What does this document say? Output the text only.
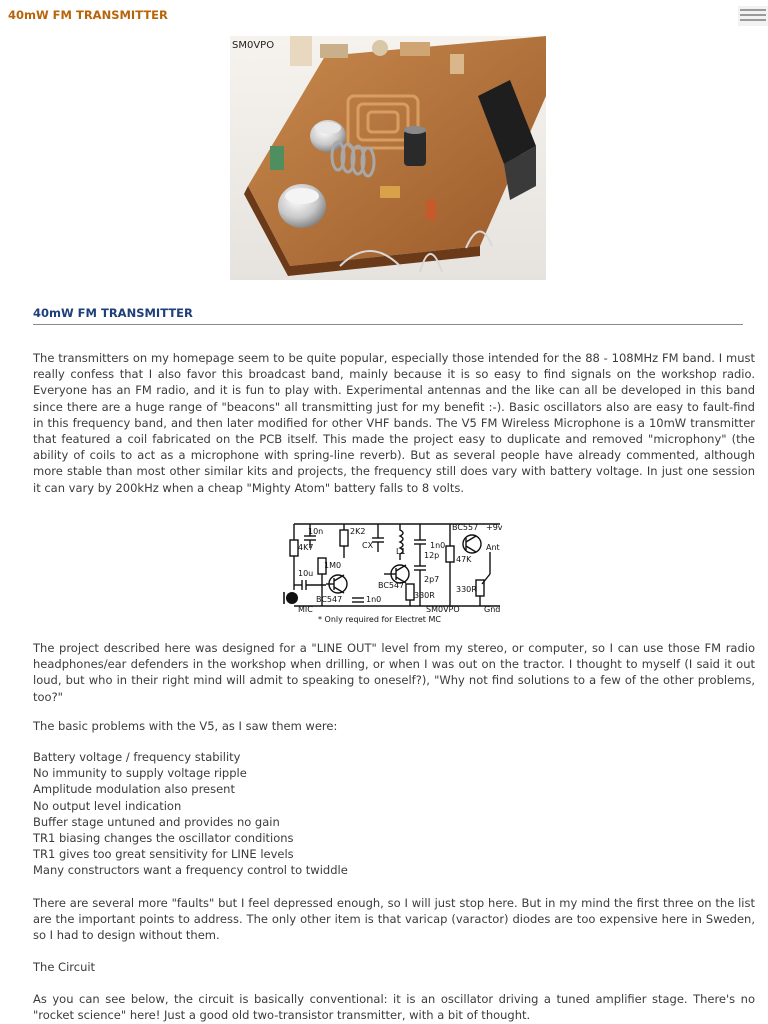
40mW FM TRANSMITTER
SM0VPO
40mW FM TRANSMITTER

The transmitters on my homepage seem to be quite popular, especially those intended for the 88 - 108MHz FM band. I must really confess that I also favor this broadcast band, mainly because it is so easy to find signals on the workshop radio. Everyone has an FM radio, and it is fun to play with. Experimental antennas and the like can all be developed in this band since there are a huge range of "beacons" all transmitting just for my benefit :-). Basic oscillators also are easy to fault-find in this frequency band, and then later modified for other VHF bands. The V5 FM Wireless Microphone is a 10mW transmitter that featured a coil fabricated on the PCB itself. This made the project easy to duplicate and removed "microphony" (the ability of coils to act as a microphone with spring-line reverb). But as several people have already commented, although more stable than most other similar kits and projects, the frequency still does vary with battery voltage. In just one session it can vary by 200kHz when a cheap "Mighty Atom" battery falls to 8 volts.

10n	2K2
1n0
BC557 +9v
4K7	CX
L1 12p 47K
Ant
1M0
10u
BC547
BC547
2p7
330R
330R
1n0
MIC	SM0VPO	Gnd
* Only required for Electret MC

The project described here was designed for a "LINE OUT" level from my stereo, or computer, so I can use those FM radio headphones/ear defenders in the workshop when drilling, or when I was out on the tractor. I thought to myself (I said it out loud, but who in their right mind will admit to speaking to oneself?), "Why not find solutions to a few of the other problems, too?"

The basic problems with the V5, as I saw them were:

Battery voltage / frequency stability
No immunity to supply voltage ripple
Amplitude modulation also present
No output level indication
Buffer stage untuned and provides no gain
TR1 biasing changes the oscillator conditions
TR1 gives too great sensitivity for LINE levels
Many constructors want a frequency control to twiddle

There are several more "faults" but I feel depressed enough, so I will just stop here. But in my mind the first three on the list are the important points to address. The only other item is that varicap (varactor) diodes are too expensive here in Sweden, so I had to design without them.

The Circuit

As you can see below, the circuit is basically conventional: it is an oscillator driving a tuned amplifier stage. There's no "rocket science" here! Just a good old two-transistor transmitter, with a bit of thought.
